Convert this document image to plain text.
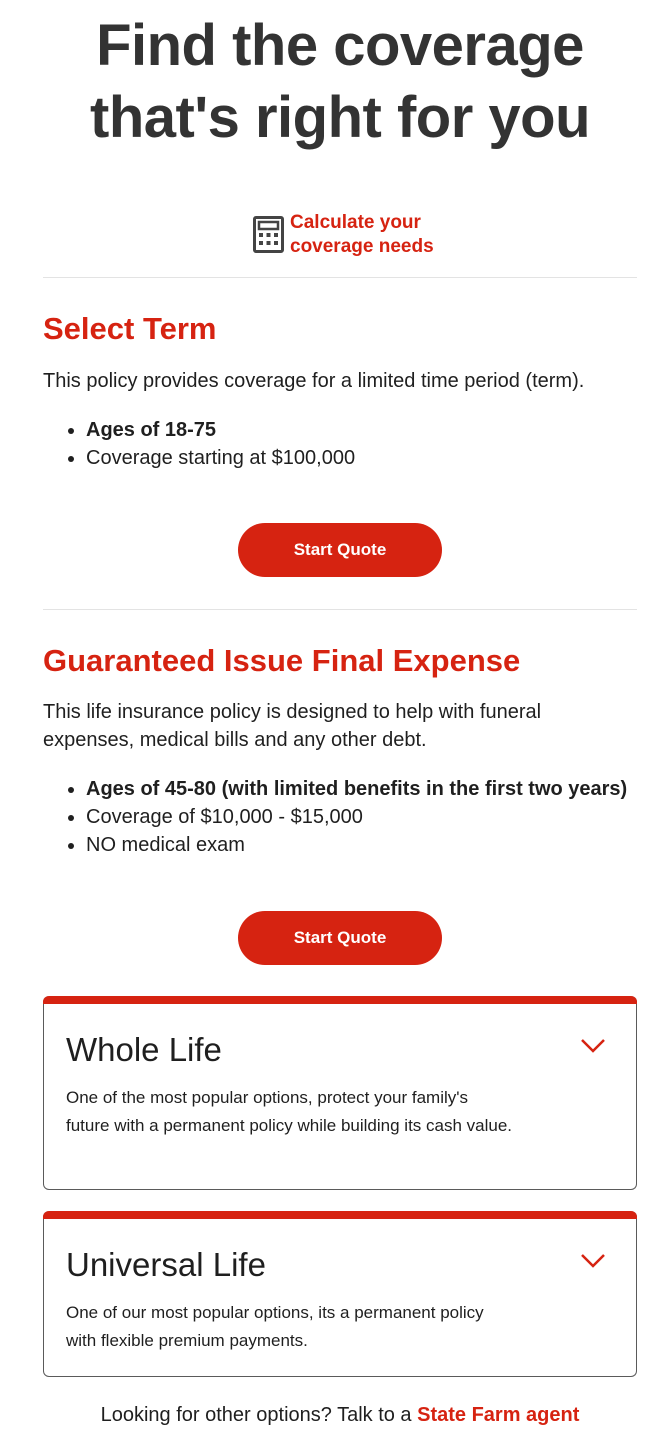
Find the coverage that's right for you
Calculate your coverage needs
Select Term

This policy provides coverage for a limited time period (term).

• Ages of 18-75
• Coverage starting at $100,000
Start Quote
Guaranteed Issue Final Expense

This life insurance policy is designed to help with funeral expenses, medical bills and any other debt.

• Ages of 45-80 (with limited benefits in the first two years)
• Coverage of $10,000 - $15,000
• NO medical exam
Start Quote
Whole Life

One of the most popular options, protect your family's future with a permanent policy while building its cash value.

Universal Life

One of our most popular options, its a permanent policy with flexible premium payments.

Looking for other options? Talk to a State Farm agent
